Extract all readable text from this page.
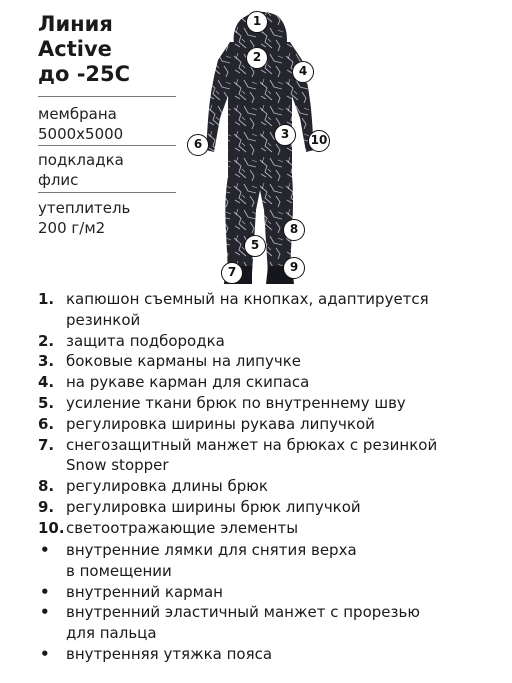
Линия
Active
до -25С
мембрана
5000х5000
подкладка
флис
утеплитель
200 г/м2
1
2
3
4
5
6
7
8
9
10
1. капюшон съемный на кнопках, адаптируется
резинкой
2. защита подбородка
3. боковые карманы на липучке
4. на рукаве карман для скипаса
5. усиление ткани брюк по внутреннему шву
6. регулировка ширины рукава липучкой
7. снегозащитный манжет на брюках с резинкой
Snow stopper
8. регулировка длины брюк
9. регулировка ширины брюк липучкой
10. светоотражающие элементы
•	внутренние лямки для снятия верха
в помещении
•	внутренний карман
•	внутренний эластичный манжет с прорезью
для пальца
•	внутренняя утяжка пояса
